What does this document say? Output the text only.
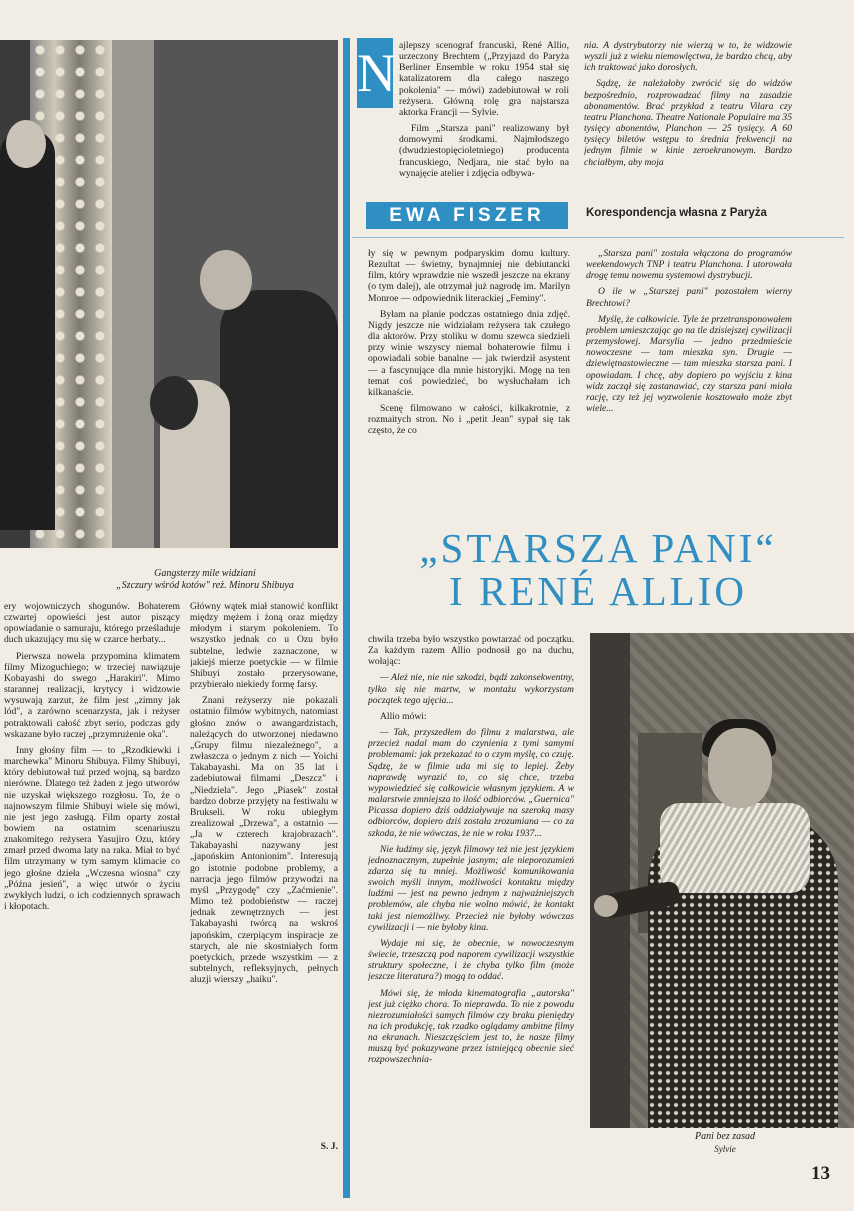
Gangsterzy mile widziani
„Szczury wśród kotów" reż. Minoru Shibuya
N ajlepszy scenograf francuski, René Allio, urzeczony Brechtem („Przyjazd do Paryża Berliner Ensemble w roku 1954 stał się katalizatorem dla całego naszego pokolenia" — mówi) zadebiutował w roli reżysera. Główną rolę gra najstarsza aktorka Francji — Sylvie.

Film „Starsza pani" realizowany był domowymi środkami. Najmłodszego (dwudziestopięcioletniego) producenta francuskiego, Nedjara, nie stać było na wynajęcie atelier i zdjęcia odbywa-

nia. A dystrybutorzy nie wierzą w to, że widzowie wyszli już z wieku niemowlęctwa, że bardzo chcą, aby ich traktować jako dorosłych.

Sądzę, że należałoby zwrócić się do widzów bezpośrednio, rozprowadzać filmy na zasadzie abonamentów. Brać przykład z teatru Vilara czy teatru Planchona. Theatre Nationale Populaire ma 35 tysięcy abonentów, Planchon — 25 tysięcy. A 60 tysięcy biletów wstępu to średnia frekwencji na jednym filmie w kinie zeroekranowym. Bardzo chciałbym, aby moja

EWA FISZER	Korespondencja własna z Paryża

ły się w pewnym podparyskim domu kultury. Rezultat — świetny, bynajmniej nie debiutancki film, który wprawdzie nie wszedł jeszcze na ekrany (o tym dalej), ale otrzymał już nagrodę im. Marilyn Monroe — odpowiednik literackiej „Feminy".

Byłam na planie podczas ostatniego dnia zdjęć. Nigdy jeszcze nie widziałam reżysera tak czułego dla aktorów. Przy stoliku w domu szewca siedzieli przy winie wszyscy niemal bohaterowie filmu i opowiadali sobie banalne — jak twierdził asystent — a fascynujące dla mnie historyjki. Mogę na ten temat coś powiedzieć, bo wysłuchałam ich kilkanaście.

Scenę filmowano w całości, kilkakrotnie, z rozmaitych stron. No i „petit Jean" sypał się tak często, że co

„Starsza pani" została włączona do programów weekendowych TNP i teatru Planchona. I utorowała drogę temu nowemu systemowi dystrybucji.

O ile w „Starszej pani" pozostałem wierny Brechtowi?

Myślę, że całkowicie. Tyle że przetransponowałem problem umieszczając go na tle dzisiejszej cywilizacji przemysłowej. Marsylia — jedno przedmieście nowoczesne — tam mieszka syn. Drugie — dziewiętnastowieczne — tam mieszka starsza pani. I opowiadam. I chcę, aby dopiero po wyjściu z kina widz zaczął się zastanawiać, czy starsza pani miała rację, czy też jej wyzwolenie kosztowało może zbyt wiele...

„STARSZA PANI“
I RENÉ ALLIO

ery wojowniczych shogunów. Bohaterem czwartej opowieści jest autor piszący opowiadanie o samuraju, którego prześladuje duch ukazujący mu się w czarce herbaty...

Pierwsza nowela przypomina klimatem filmy Mizoguchiego; w trzeciej nawiązuje Kobayashi do swego „Harakiri". Mimo starannej realizacji, krytycy i widzowie wysuwają zarzut, że film jest „zimny jak lód", a zarówno scenarzysta, jak i reżyser potraktowali całość zbyt serio, podczas gdy wskazane było raczej „przymrużenie oka".

Inny głośny film — to „Rzodkiewki i marchewka" Minoru Shibuya. Filmy Shibuyi, który debiutował tuż przed wojną, są bardzo nierówne. Dlatego też żaden z jego utworów nie uzyskał większego rozgłosu. To, że o najnowszym filmie Shibuyi wiele się mówi, nie jest jego zasługą. Film oparty został bowiem na ostatnim scenariuszu znakomitego reżysera Yasujiro Ozu, który zmarł przed dwoma laty na raka. Miał to być film utrzymany w tym samym klimacie co jego głośne dzieła „Wczesna wiosna" czy „Późna jesień", a więc utwór o życiu zwykłych ludzi, o ich codziennych sprawach i kłopotach.

Główny wątek miał stanowić konflikt między mężem i żoną oraz między młodym i starym pokoleniem. To wszystko jednak co u Ozu było subtelne, ledwie zaznaczone, w jakiejś mierze poetyckie — w filmie Shibuyi zostało przerysowane, przybierało niekiedy formę farsy.

Znani reżyserzy nie pokazali ostatnio filmów wybitnych, natomiast głośno znów o awangardzistach, należących do utworzonej niedawno „Grupy filmu niezależnego", a zwłaszcza o jednym z nich — Yoichi Takabayashi. Ma on 35 lat i zadebiutował filmami „Deszcz" i „Niedziela". Jego „Piasek" został bardzo dobrze przyjęty na festiwalu w Brukseli. W roku ubiegłym zrealizował „Drzewa", a ostatnio — „Ja w czterech krajobrazach". Takabayashi nazywany jest „japońskim Antonionim". Interesują go istotnie podobne problemy, a narracja jego filmów przywodzi na myśl „Przygodę" czy „Zaćmienie". Mimo też podobieństw — raczej jednak zewnętrznych — jest Takabayashi twórcą na wskroś japońskim, czerpiącym inspiracje ze starych, ale nie skostniałych form poetyckich, przede wszystkim — z subtelnych, refleksyjnych, pełnych aluzji wierszy „haiku".

S. J.

chwila trzeba było wszystko powtarzać od początku. Za każdym razem Allio podnosił go na duchu, wołając:

— Ależ nie, nie nie szkodzi, bądź zakonsekwentny, tylko się nie martw, w montażu wykorzystam początek tego ujęcia...

Allio mówi:

— Tak, przyszedłem do filmu z malarstwa, ale przecież nadal mam do czynienia z tymi samymi problemami: jak przekazać to o czym myślę, co czuję. Sądzę, że w filmie uda mi się to lepiej. Żeby naprawdę wyrazić to, co się chce, trzeba wypowiedzieć się całkowicie własnym językiem. A w malarstwie zmniejsza to ilość odbiorców. „Guernica" Picassa dopiero dziś oddziaływuje na szeroką masy odbiorców, dopiero dziś została zrozumiana — co za szkoda, że nie wówczas, że nie w roku 1937...

Nie łudźmy się, język filmowy też nie jest językiem jednoznacznym, zupełnie jasnym; ale nieporozumień zdarza się tu mniej. Możliwość komunikowania swoich myśli innym, możliwości kontaktu między ludźmi — jest na pewno jednym z najważniejszych problemów, ale chyba nie wolno mówić, że kontakt taki jest niemożliwy. Przecież nie byłoby wówczas cywilizacji i — nie byłoby kina.

Wydaje mi się, że obecnie, w nowoczesnym świecie, trzeszczą pod naporem cywilizacji wszystkie struktury społeczne, i że chyba tylko film (może jeszcze literatura?) mogą to oddać.

Mówi się, że młoda kinematografia „autorska" jest już ciężko chora. To nieprawda. To nie z powodu niezrozumiałości samych filmów czy braku pieniędzy na ich produkcję, tak rzadko oglądamy ambitne filmy na ekranach. Nieszczęściem jest to, że nasze filmy muszą być pokazywane przez istniejącą obecnie sieć rozpowszechnia-

Pani bez zasad
Sylvie
13
